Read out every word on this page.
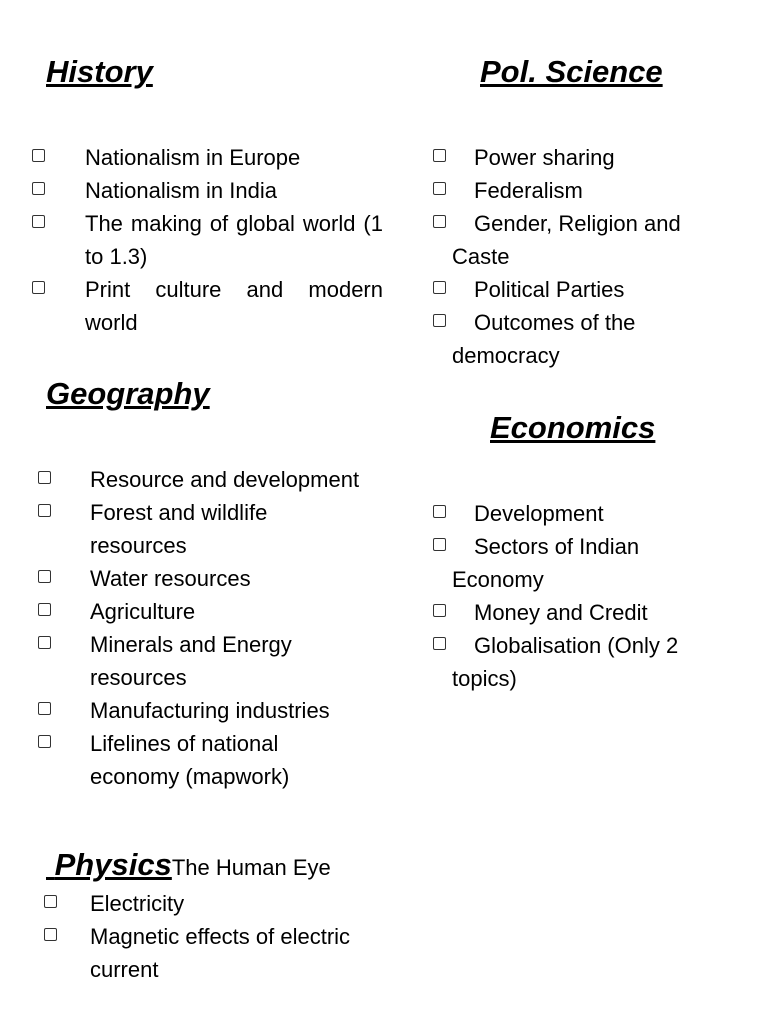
History
Nationalism in Europe
Nationalism in India
The making of global world (1 to 1.3)
Print culture and modern world
Pol. Science
Power sharing
Federalism
Gender, Religion and Caste
Political Parties
Outcomes of the democracy
Geography
Resource and development
Forest and wildlife resources
Water resources
Agriculture
Minerals and Energy resources
Manufacturing industries
Lifelines of national economy (mapwork)
Economics
Development
Sectors of Indian Economy
Money and Credit
Globalisation (Only 2 topics)
PhysicsThe Human Eye
Electricity
Magnetic effects of electric current
